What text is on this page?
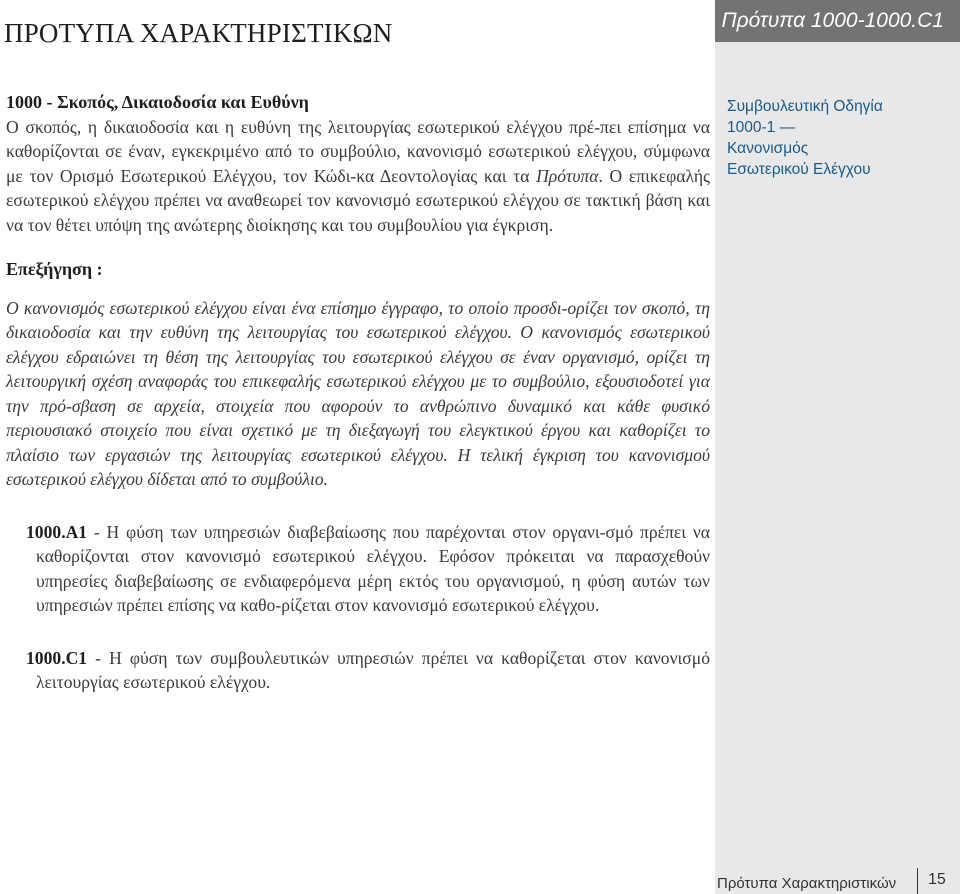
Πρότυπα 1000-1000.C1
Συμβουλευτική Οδηγία
1000-1 —
Κανονισμός
Εσωτερικού Ελέγχου
ΠΡΟΤΥΠΑ ΧΑΡΑΚΤΗΡΙΣΤΙΚΩΝ

1000 - Σκοπός, Δικαιοδοσία και Ευθύνη

Ο σκοπός, η δικαιοδοσία και η ευθύνη της λειτουργίας εσωτερικού ελέγχου πρέ-πει επίσημα να καθορίζονται σε έναν, εγκεκριμένο από το συμβούλιο, κανονισμό εσωτερικού ελέγχου, σύμφωνα με τον Ορισμό Εσωτερικού Ελέγχου, τον Κώδι-κα Δεοντολογίας και τα Πρότυπα. Ο επικεφαλής εσωτερικού ελέγχου πρέπει να αναθεωρεί τον κανονισμό εσωτερικού ελέγχου σε τακτική βάση και να τον θέτει υπόψη της ανώτερης διοίκησης και του συμβουλίου για έγκριση.

Επεξήγηση :

Ο κανονισμός εσωτερικού ελέγχου είναι ένα επίσημο έγγραφο, το οποίο προσδι-ορίζει τον σκοπό, τη δικαιοδοσία και την ευθύνη της λειτουργίας του εσωτερικού ελέγχου. Ο κανονισμός εσωτερικού ελέγχου εδραιώνει τη θέση της λειτουργίας του εσωτερικού ελέγχου σε έναν οργανισμό, ορίζει τη λειτουργική σχέση αναφοράς του επικεφαλής εσωτερικού ελέγχου με το συμβούλιο, εξουσιοδοτεί για την πρό-σβαση σε αρχεία, στοιχεία που αφορούν το ανθρώπινο δυναμικό και κάθε φυσικό περιουσιακό στοιχείο που είναι σχετικό με τη διεξαγωγή του ελεγκτικού έργου και καθορίζει το πλαίσιο των εργασιών της λειτουργίας εσωτερικού ελέγχου. Η τελική έγκριση του κανονισμού εσωτερικού ελέγχου δίδεται από το συμβούλιο.

1000.A1 - Η φύση των υπηρεσιών διαβεβαίωσης που παρέχονται στον οργανι-σμό πρέπει να καθορίζονται στον κανονισμό εσωτερικού ελέγχου. Εφόσον πρόκειται να παρασχεθούν υπηρεσίες διαβεβαίωσης σε ενδιαφερόμενα μέρη εκτός του οργανισμού, η φύση αυτών των υπηρεσιών πρέπει επίσης να καθο-ρίζεται στον κανονισμό εσωτερικού ελέγχου.

1000.C1 - Η φύση των συμβουλευτικών υπηρεσιών πρέπει να καθορίζεται στον κανονισμό λειτουργίας εσωτερικού ελέγχου.

Πρότυπα Χαρακτηριστικών 15
